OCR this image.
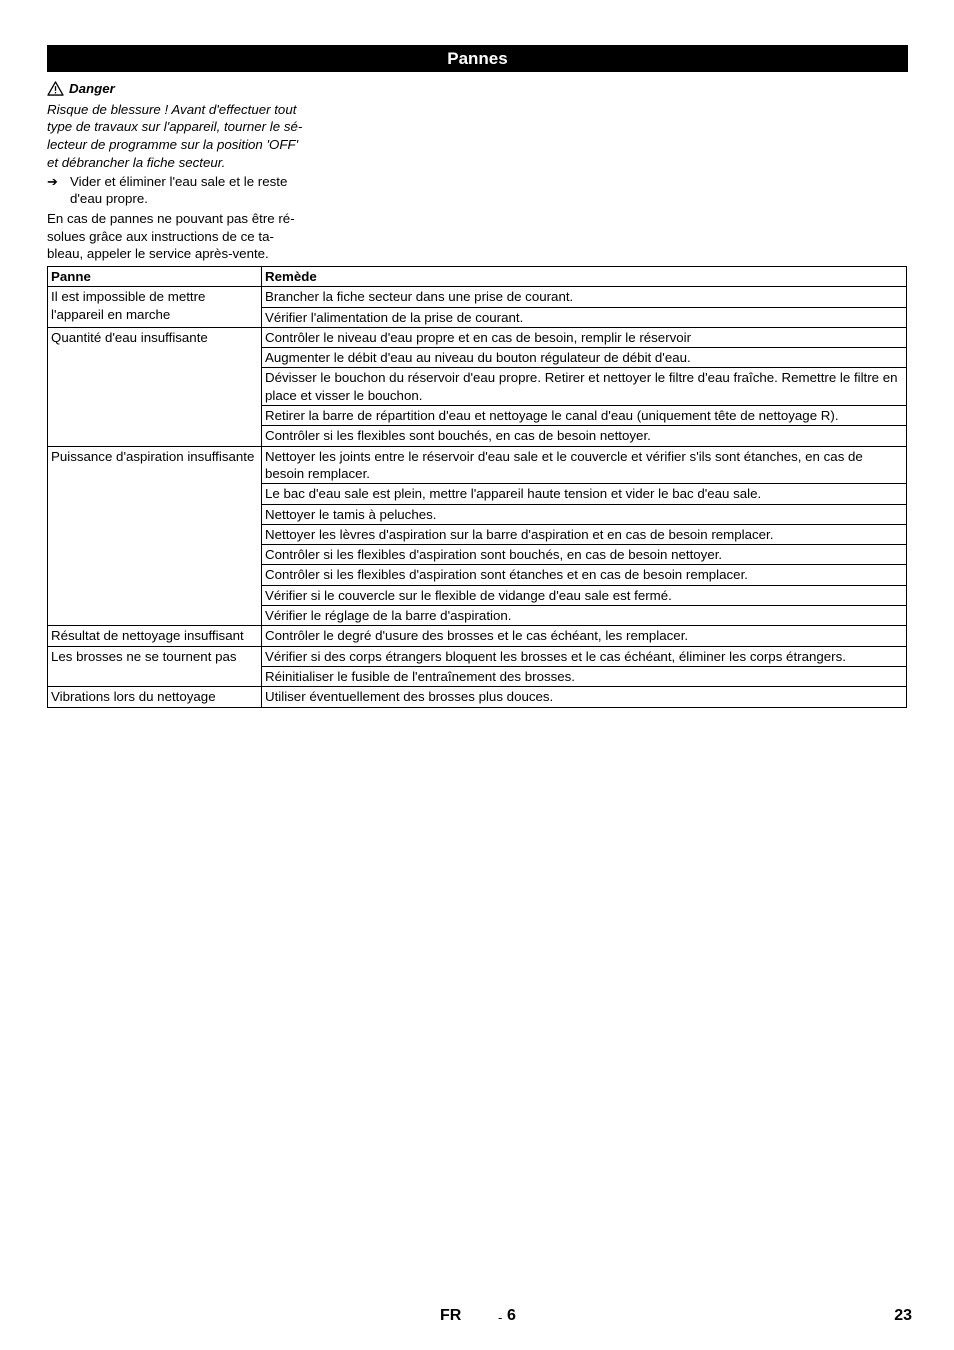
Pannes
Danger
Risque de blessure ! Avant d'effectuer tout
type de travaux sur l'appareil, tourner le sé-
lecteur de programme sur la position 'OFF'
et débrancher la fiche secteur.
➔ Vider et éliminer l'eau sale et le reste
d'eau propre.
En cas de pannes ne pouvant pas être ré-
solues grâce aux instructions de ce ta-
bleau, appeler le service après-vente.
Panne	Remède
Il est impossible de mettre l'appareil en marche	Brancher la fiche secteur dans une prise de courant.
	Vérifier l'alimentation de la prise de courant.
Quantité d'eau insuffisante	Contrôler le niveau d'eau propre et en cas de besoin, remplir le réservoir
	Augmenter le débit d'eau au niveau du bouton régulateur de débit d'eau.
	Dévisser le bouchon du réservoir d'eau propre. Retirer et nettoyer le filtre d'eau fraîche. Remettre le filtre en place et visser le bouchon.
	Retirer la barre de répartition d'eau et nettoyage le canal d'eau (uniquement tête de nettoyage R).
	Contrôler si les flexibles sont bouchés, en cas de besoin nettoyer.
Puissance d'aspiration insuffisante	Nettoyer les joints entre le réservoir d'eau sale et le couvercle et vérifier s'ils sont étanches, en cas de besoin remplacer.
	Le bac d'eau sale est plein, mettre l'appareil haute tension et vider le bac d'eau sale.
	Nettoyer le tamis à peluches.
	Nettoyer les lèvres d'aspiration sur la barre d'aspiration et en cas de besoin remplacer.
	Contrôler si les flexibles d'aspiration sont bouchés, en cas de besoin nettoyer.
	Contrôler si les flexibles d'aspiration sont étanches et en cas de besoin remplacer.
	Vérifier si le couvercle sur le flexible de vidange d'eau sale est fermé.
	Vérifier le réglage de la barre d'aspiration.
Résultat de nettoyage insuffisant	Contrôler le degré d'usure des brosses et le cas échéant, les remplacer.
Les brosses ne se tournent pas	Vérifier si des corps étrangers bloquent les brosses et le cas échéant, éliminer les corps étrangers.
	Réinitialiser le fusible de l'entraînement des brosses.
Vibrations lors du nettoyage	Utiliser éventuellement des brosses plus douces.
FR	- 6	23
